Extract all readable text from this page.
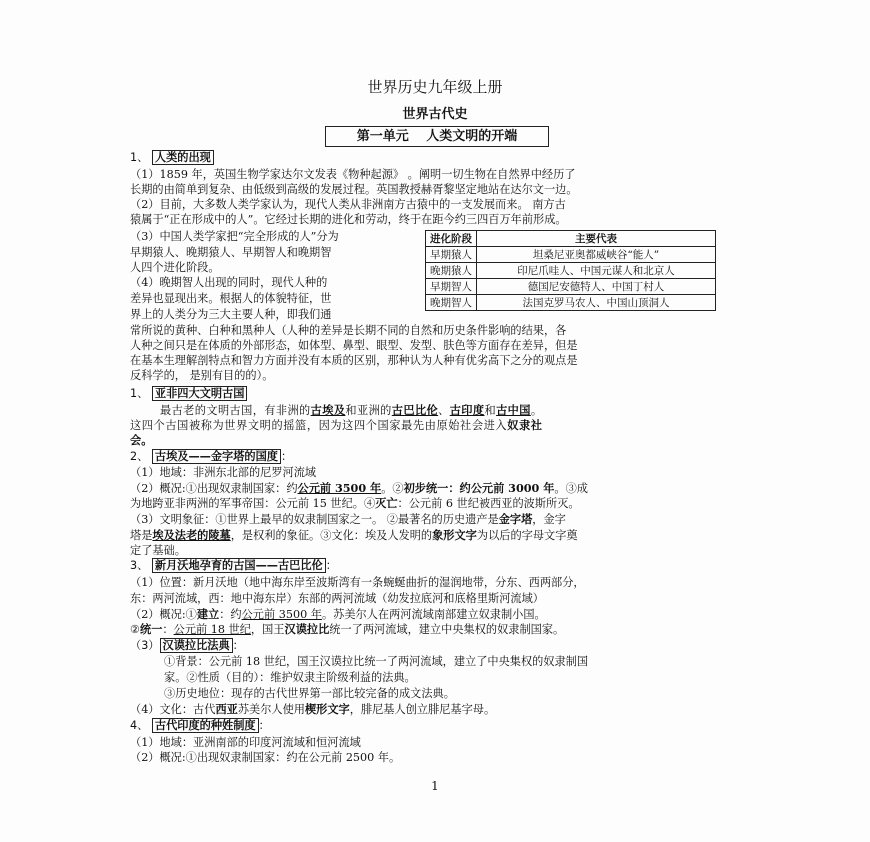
世界历史九年级上册
世界古代史
第一单元　 人类文明的开端
1、 人类的出现
（1）1859 年，英国生物学家达尔文发表《物种起源》 。阐明一切生物在自然界中经历了
长期的由简单到复杂、由低级到高级的发展过程。英国教授赫胥黎坚定地站在达尔文一边。
（2）目前，大多数人类学家认为，现代人类从非洲南方古猿中的一支发展而来。 南方古
猿属于“正在形成中的人”。它经过长期的进化和劳动，终于在距今约三四百万年前形成。
（3）中国人类学家把“完全形成的人”分为
早期猿人、晚期猿人、早期智人和晚期智
人四个进化阶段。
（4）晚期智人出现的同时，现代人种的
差异也显现出来。根据人的体貌特征，世
界上的人类分为三大主要人种，即我们通
常所说的黄种、白种和黑种人（人种的差异是长期不同的自然和历史条件影响的结果，各
人种之间只是在体质的外部形态，如体型、鼻型、眼型、发型、肤色等方面存在差异，但是
在基本生理解剖特点和智力方面并没有本质的区别，那种认为人种有优劣高下之分的观点是
反科学的， 是别有目的的）。
进化阶段	主要代表
早期猿人	坦桑尼亚奥都威峡谷“能人”
晚期猿人	印尼爪哇人、中国元谋人和北京人
早期智人	德国尼安德特人、中国丁村人
晚期智人	法国克罗马农人、中国山顶洞人
1、 亚非四大文明古国
最古老的文明古国，有非洲的古埃及和亚洲的古巴比伦、古印度和古中国。
这四个古国被称为世界文明的摇篮，因为这四个国家最先由原始社会进入奴隶社
会。
2、 古埃及——金字塔的国度 ：
（1）地域：非洲东北部的尼罗河流域
（2）概况:①出现奴隶制国家：约公元前 3500 年。②初步统一：约公元前 3000 年。③成
为地跨亚非两洲的军事帝国：公元前 15 世纪。④灭亡：公元前 6 世纪被西亚的波斯所灭。
（3）文明象征：①世界上最早的奴隶制国家之一。 ②最著名的历史遗产是金字塔，金字
塔是埃及法老的陵墓，是权利的象征。③文化：埃及人发明的象形文字为以后的字母文字奠
定了基础。
3、 新月沃地孕育的古国——古巴比伦 ：
（1）位置：新月沃地（地中海东岸至波斯湾有一条蜿蜒曲折的湿润地带，分东、西两部分，
东：两河流域，西：地中海东岸）东部的两河流域（幼发拉底河和底格里斯河流域）
（2）概况:①建立：约公元前 3500 年。苏美尔人在两河流域南部建立奴隶制小国。
②统一：公元前 18 世纪，国王汉谟拉比统一了两河流域，建立中央集权的奴隶制国家。
（3） 汉谟拉比法典 ：
①背景：公元前 18 世纪，国王汉谟拉比统一了两河流域，建立了中央集权的奴隶制国
家。②性质（目的）：维护奴隶主阶级利益的法典。
③历史地位：现存的古代世界第一部比较完备的成文法典。
（4）文化：古代西亚苏美尔人使用楔形文字，腓尼基人创立腓尼基字母。
4、 古代印度的种姓制度 ：
（1）地域：亚洲南部的印度河流域和恒河流域
（2）概况:①出现奴隶制国家：约在公元前 2500 年。
1
